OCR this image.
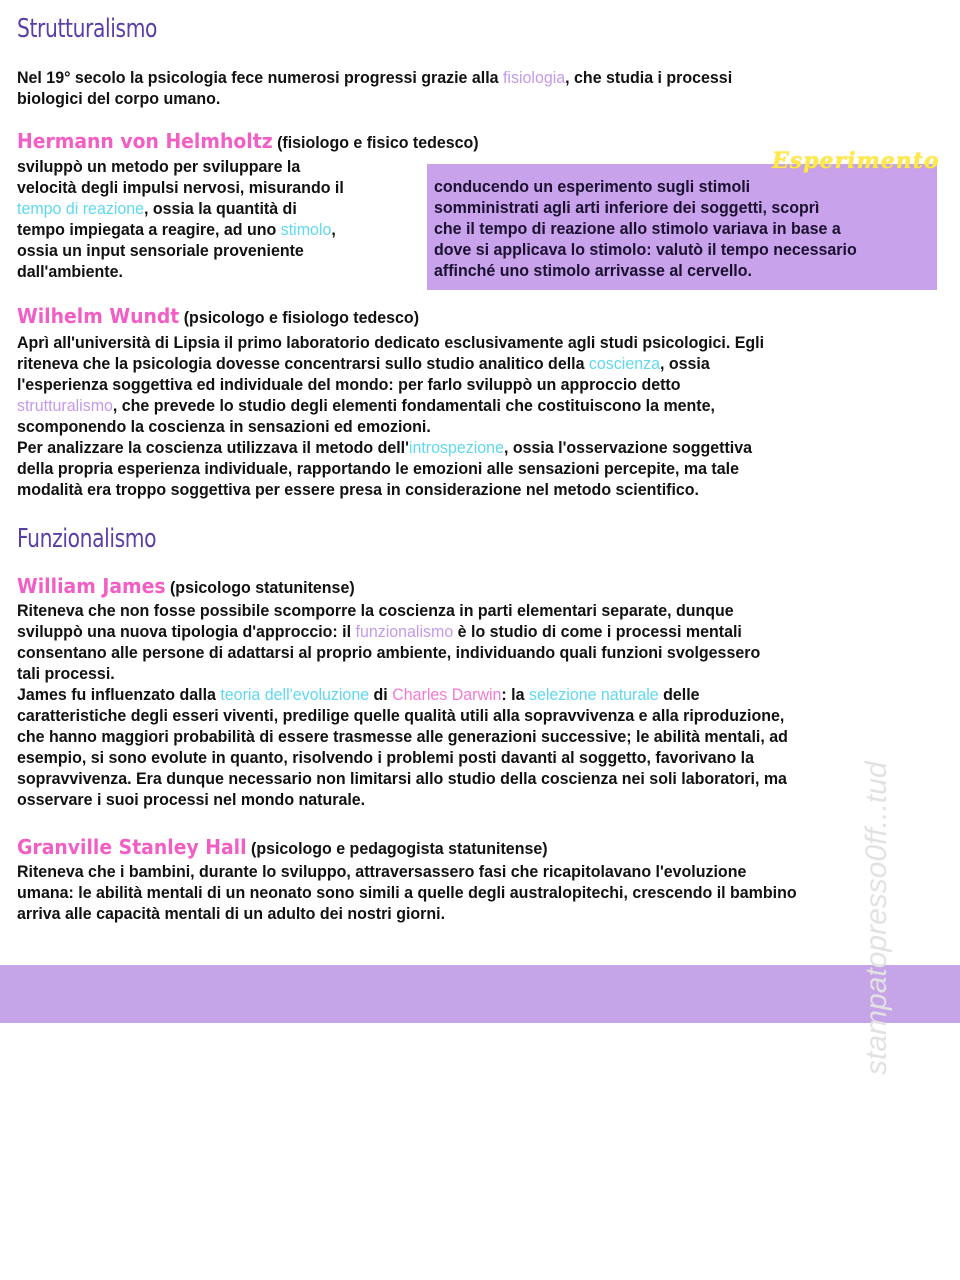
Strutturalismo
Nel 19° secolo la psicologia fece numerosi progressi grazie alla fisiologia, che studia i processi
biologici del corpo umano.
Hermann von Helmholtz (fisiologo e fisico tedesco)
sviluppò un metodo per sviluppare la
velocità degli impulsi nervosi, misurando il
tempo di reazione, ossia la quantità di
tempo impiegata a reagire, ad uno stimolo,
ossia un input sensoriale proveniente
dall'ambiente.
conducendo un esperimento sugli stimoli
somministrati agli arti inferiore dei soggetti, scoprì
che il tempo di reazione allo stimolo variava in base a
dove si applicava lo stimolo: valutò il tempo necessario
affinché uno stimolo arrivasse al cervello.
Esperimento
Wilhelm Wundt (psicologo e fisiologo tedesco)
Aprì all'università di Lipsia il primo laboratorio dedicato esclusivamente agli studi psicologici. Egli
riteneva che la psicologia dovesse concentrarsi sullo studio analitico della coscienza, ossia
l'esperienza soggettiva ed individuale del mondo: per farlo sviluppò un approccio detto
strutturalismo, che prevede lo studio degli elementi fondamentali che costituiscono la mente,
scomponendo la coscienza in sensazioni ed emozioni.
Per analizzare la coscienza utilizzava il metodo dell'introspezione, ossia l'osservazione soggettiva
della propria esperienza individuale, rapportando le emozioni alle sensazioni percepite, ma tale
modalità era troppo soggettiva per essere presa in considerazione nel metodo scientifico.
Funzionalismo
William James (psicologo statunitense)
Riteneva che non fosse possibile scomporre la coscienza in parti elementari separate, dunque
sviluppò una nuova tipologia d'approccio: il funzionalismo è lo studio di come i processi mentali
consentano alle persone di adattarsi al proprio ambiente, individuando quali funzioni svolgessero
tali processi.
James fu influenzato dalla teoria dell'evoluzione di Charles Darwin: la selezione naturale delle
caratteristiche degli esseri viventi, predilige quelle qualità utili alla sopravvivenza e alla riproduzione,
che hanno maggiori probabilità di essere trasmesse alle generazioni successive; le abilità mentali, ad
esempio, si sono evolute in quanto, risolvendo i problemi posti davanti al soggetto, favorivano la
sopravvivenza. Era dunque necessario non limitarsi allo studio della coscienza nei soli laboratori, ma
osservare i suoi processi nel mondo naturale.
Granville Stanley Hall (psicologo e pedagogista statunitense)
Riteneva che i bambini, durante lo sviluppo, attraversassero fasi che ricapitolavano l'evoluzione
umana: le abilità mentali di un neonato sono simili a quelle degli australopitechi, crescendo il bambino
arriva alle capacità mentali di un adulto dei nostri giorni.	stampatopresso0ff...tud
